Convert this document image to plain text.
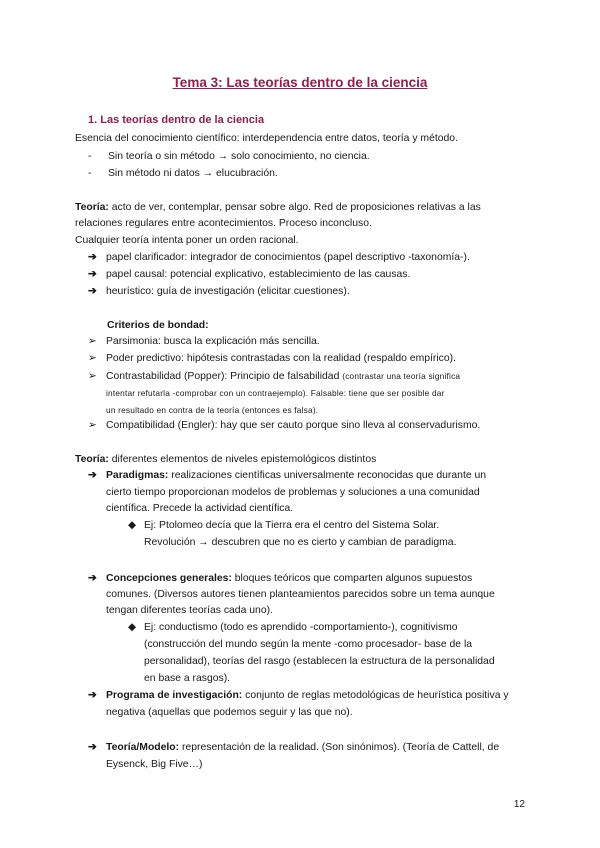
Tema 3: Las teorías dentro de la ciencia
1. Las teorías dentro de la ciencia
Esencia del conocimiento científico: interdependencia entre datos, teoría y método.
- Sin teoría o sin método → solo conocimiento, no ciencia.
- Sin método ni datos → elucubración.
Teoría: acto de ver, contemplar, pensar sobre algo. Red de proposiciones relativas a las
relaciones regulares entre acontecimientos. Proceso inconcluso.
Cualquier teoría intenta poner un orden racional.
➔ papel clarificador: integrador de conocimientos (papel descriptivo -taxonomía-).
➔ papel causal: potencial explicativo, establecimiento de las causas.
➔ heurístico: guía de investigación (elicitar cuestiones).
Criterios de bondad:
➢ Parsimonia: busca la explicación más sencilla.
➢ Poder predictivo: hipótesis contrastadas con la realidad (respaldo empírico).
➢ Contrastabilidad (Popper): Principio de falsabilidad (contrastar una teoría significa
intentar refutarla -comprobar con un contraejemplo). Falsable: tiene que ser posible dar
un resultado en contra de la teoría (entonces es falsa).
➢ Compatibilidad (Engler): hay que ser cauto porque sino lleva al conservadurismo.
Teoría: diferentes elementos de niveles epistemológicos distintos
➔ Paradigmas: realizaciones científicas universalmente reconocidas que durante un
cierto tiempo proporcionan modelos de problemas y soluciones a una comunidad
científica. Precede la actividad científica.
◆ Ej: Ptolomeo decía que la Tierra era el centro del Sistema Solar.
Revolución → descubren que no es cierto y cambian de paradigma.
➔ Concepciones generales: bloques teóricos que comparten algunos supuestos
comunes. (Diversos autores tienen planteamientos parecidos sobre un tema aunque
tengan diferentes teorías cada uno).
◆ Ej: conductismo (todo es aprendido -comportamiento-), cognitivismo
(construcción del mundo según la mente -como procesador- base de la
personalidad), teorías del rasgo (establecen la estructura de la personalidad
en base a rasgos).
➔ Programa de investigación: conjunto de reglas metodológicas de heurística positiva y
negativa (aquellas que podemos seguir y las que no).
➔ Teoría/Modelo: representación de la realidad. (Son sinónimos). (Teoría de Cattell, de
Eysenck, Big Five…)
12
